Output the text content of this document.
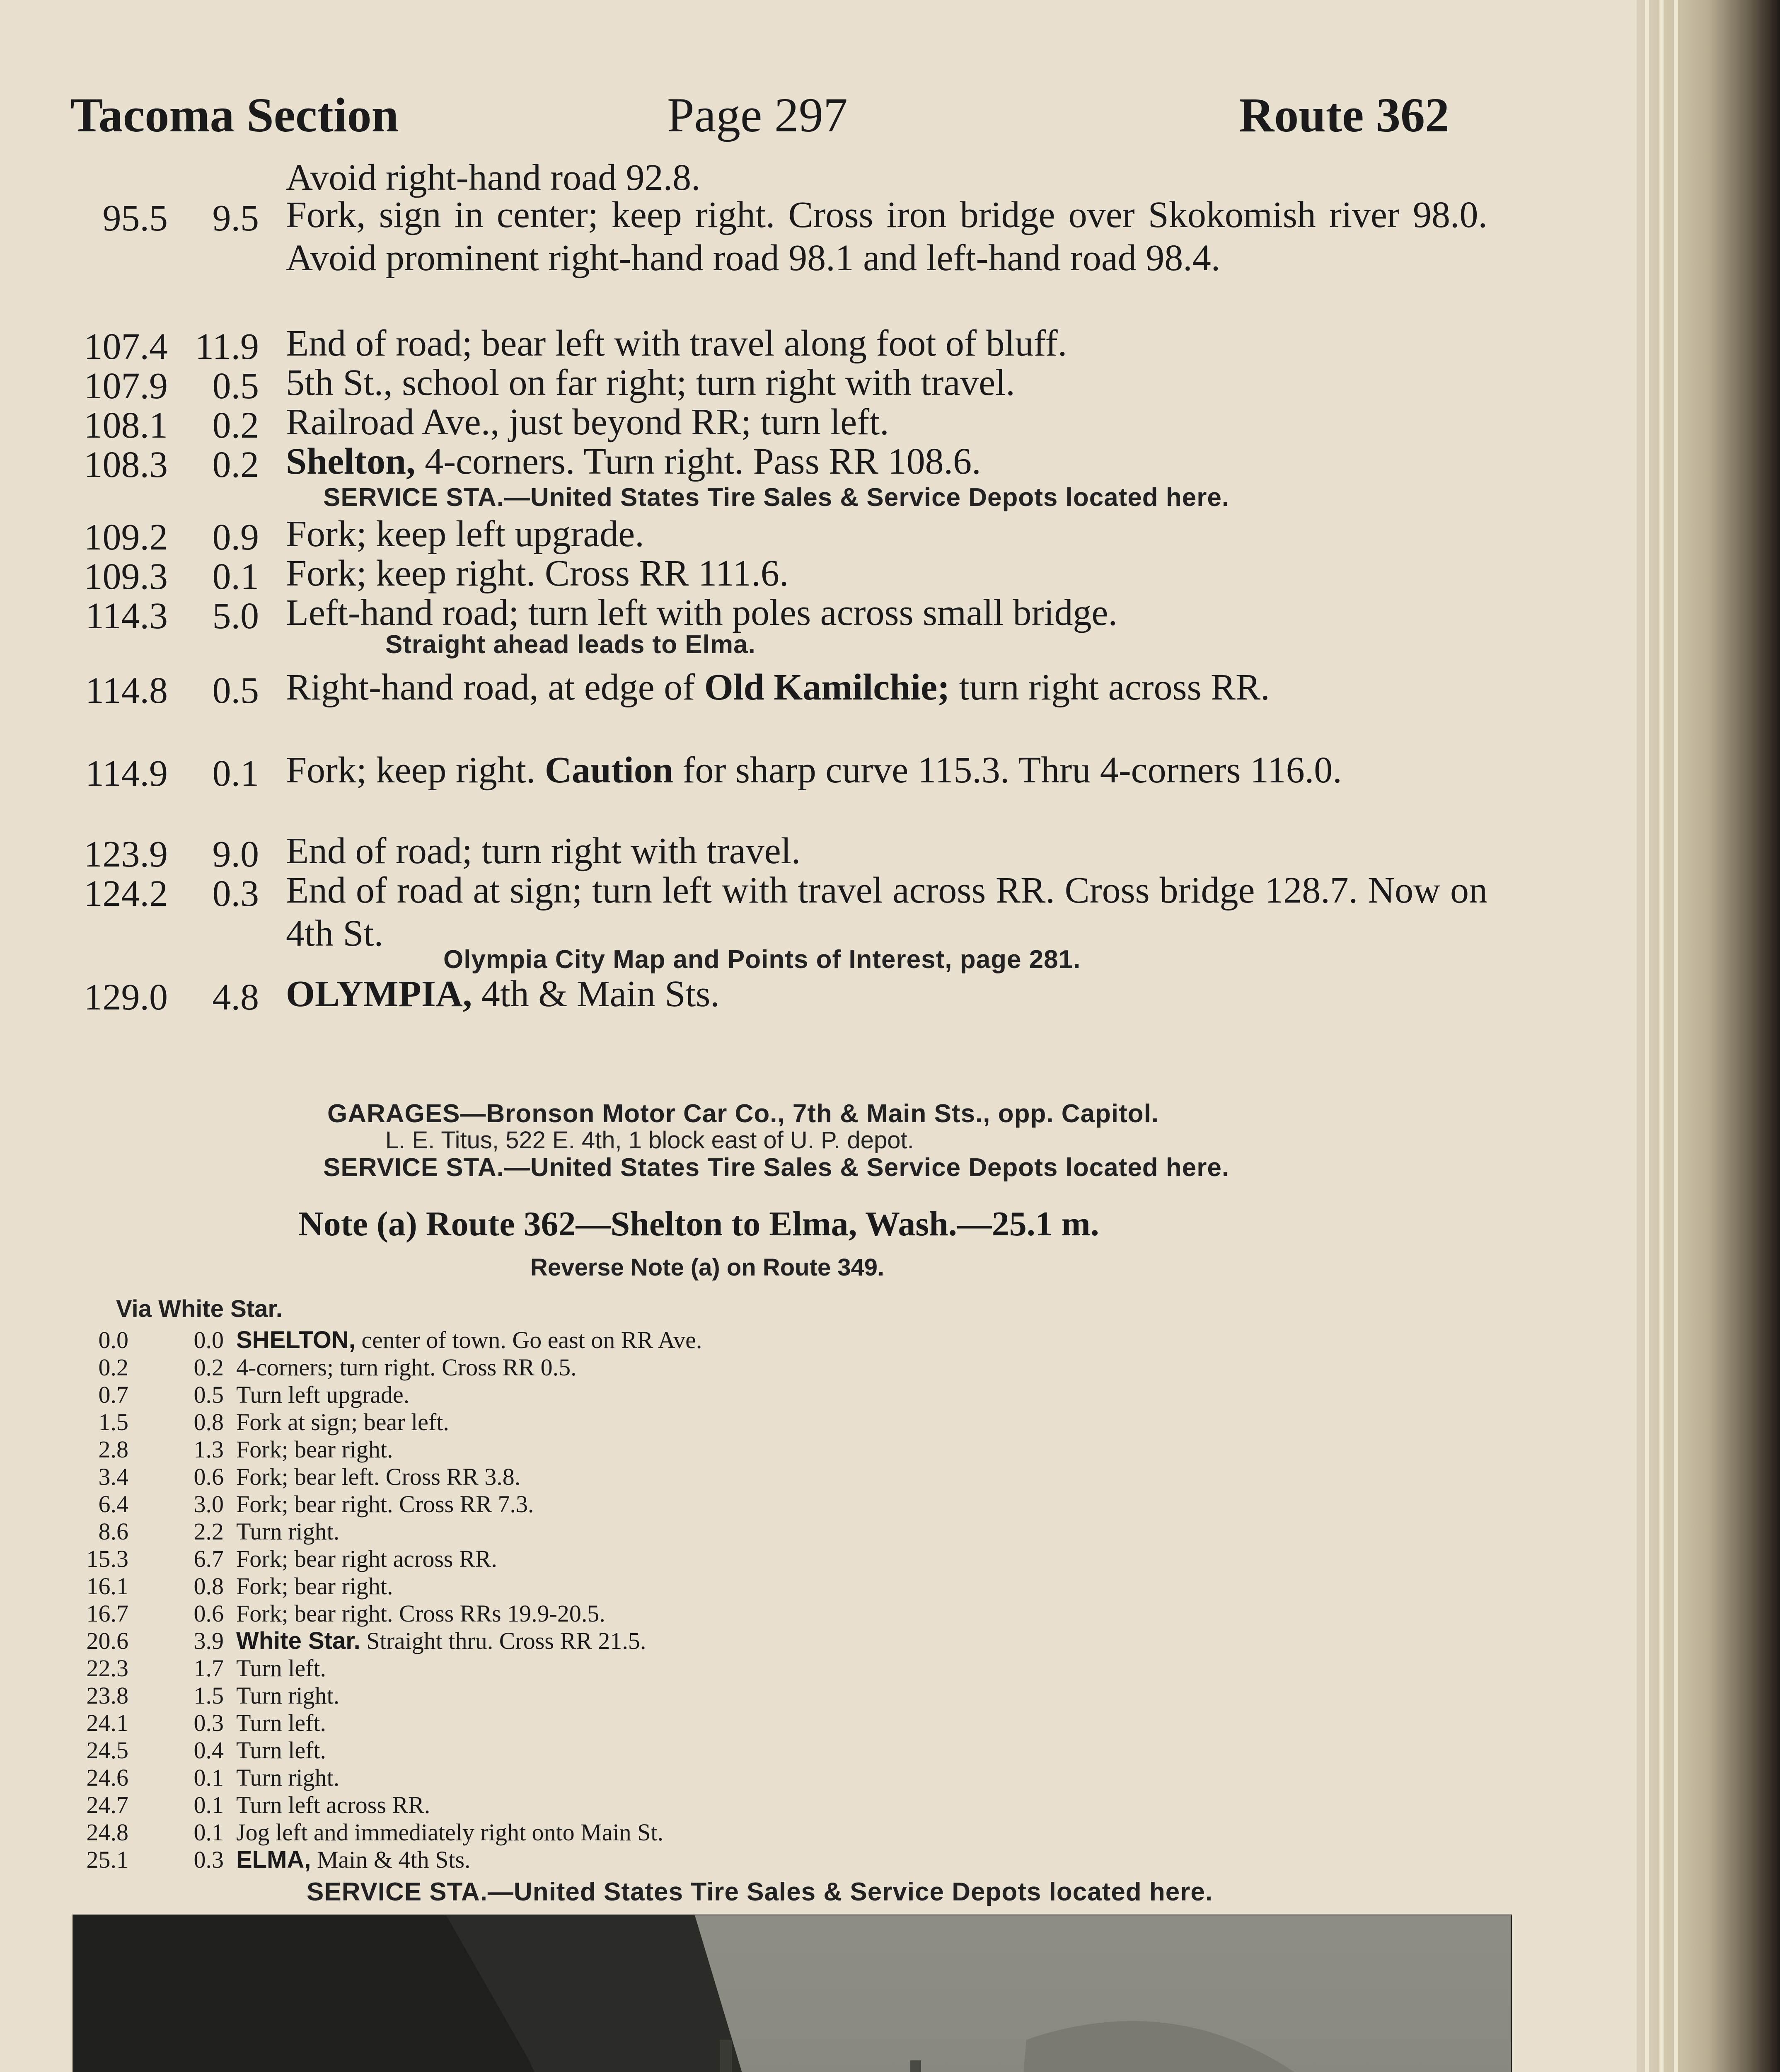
Tacoma Section	Page 297	Route 362
Avoid right-hand road 92.8.
95.5	9.5 Fork, sign in center; keep right. Cross iron bridge over Skokomish river 98.0. Avoid prominent right-hand road 98.1 and left-hand road 98.4.
107.4 11.9 End of road; bear left with travel along foot of bluff.
107.9	0.5 5th St., school on far right; turn right with travel.
108.1	0.2 Railroad Ave., just beyond RR; turn left.
108.3	0.2 Shelton, 4-corners. Turn right. Pass RR 108.6.
SERVICE STA.—United States Tire Sales & Service Depots located here.
109.2	0.9 Fork; keep left upgrade.
109.3	0.1 Fork; keep right. Cross RR 111.6.
114.3	5.0 Left-hand road; turn left with poles across small bridge.
Straight ahead leads to Elma.
114.8	0.5 Right-hand road, at edge of Old Kamilchie; turn right across RR.
114.9	0.1 Fork; keep right. Caution for sharp curve 115.3. Thru 4-corners 116.0.
123.9	9.0 End of road; turn right with travel.
124.2	0.3 End of road at sign; turn left with travel across RR. Cross bridge 128.7. Now on 4th St.
Olympia City Map and Points of Interest, page 281.
129.0	4.8 OLYMPIA, 4th & Main Sts.
GARAGES—Bronson Motor Car Co., 7th & Main Sts., opp. Capitol.
L. E. Titus, 522 E. 4th, 1 block east of U. P. depot.
SERVICE STA.—United States Tire Sales & Service Depots located here.
Note (a) Route 362—Shelton to Elma, Wash.—25.1 m.
Reverse Note (a) on Route 349.
Via White Star.
0.0	0.0 SHELTON, center of town. Go east on RR Ave.
0.2	0.2 4-corners; turn right. Cross RR 0.5.
0.7	0.5 Turn left upgrade.
1.5	0.8 Fork at sign; bear left.
2.8	1.3 Fork; bear right.
3.4	0.6 Fork; bear left. Cross RR 3.8.
6.4	3.0 Fork; bear right. Cross RR 7.3.
8.6	2.2 Turn right.
15.3	6.7 Fork; bear right across RR.
16.1	0.8 Fork; bear right.
16.7	0.6 Fork; bear right. Cross RRs 19.9-20.5.
20.6	3.9 White Star. Straight thru. Cross RR 21.5.
22.3	1.7 Turn left.
23.8	1.5 Turn right.
24.1	0.3 Turn left.
24.5	0.4 Turn left.
24.6	0.1 Turn right.
24.7	0.1 Turn left across RR.
24.8	0.1 Jog left and immediately right onto Main St.
25.1	0.3 ELMA, Main & 4th Sts.
SERVICE STA.—United States Tire Sales & Service Depots located here.
